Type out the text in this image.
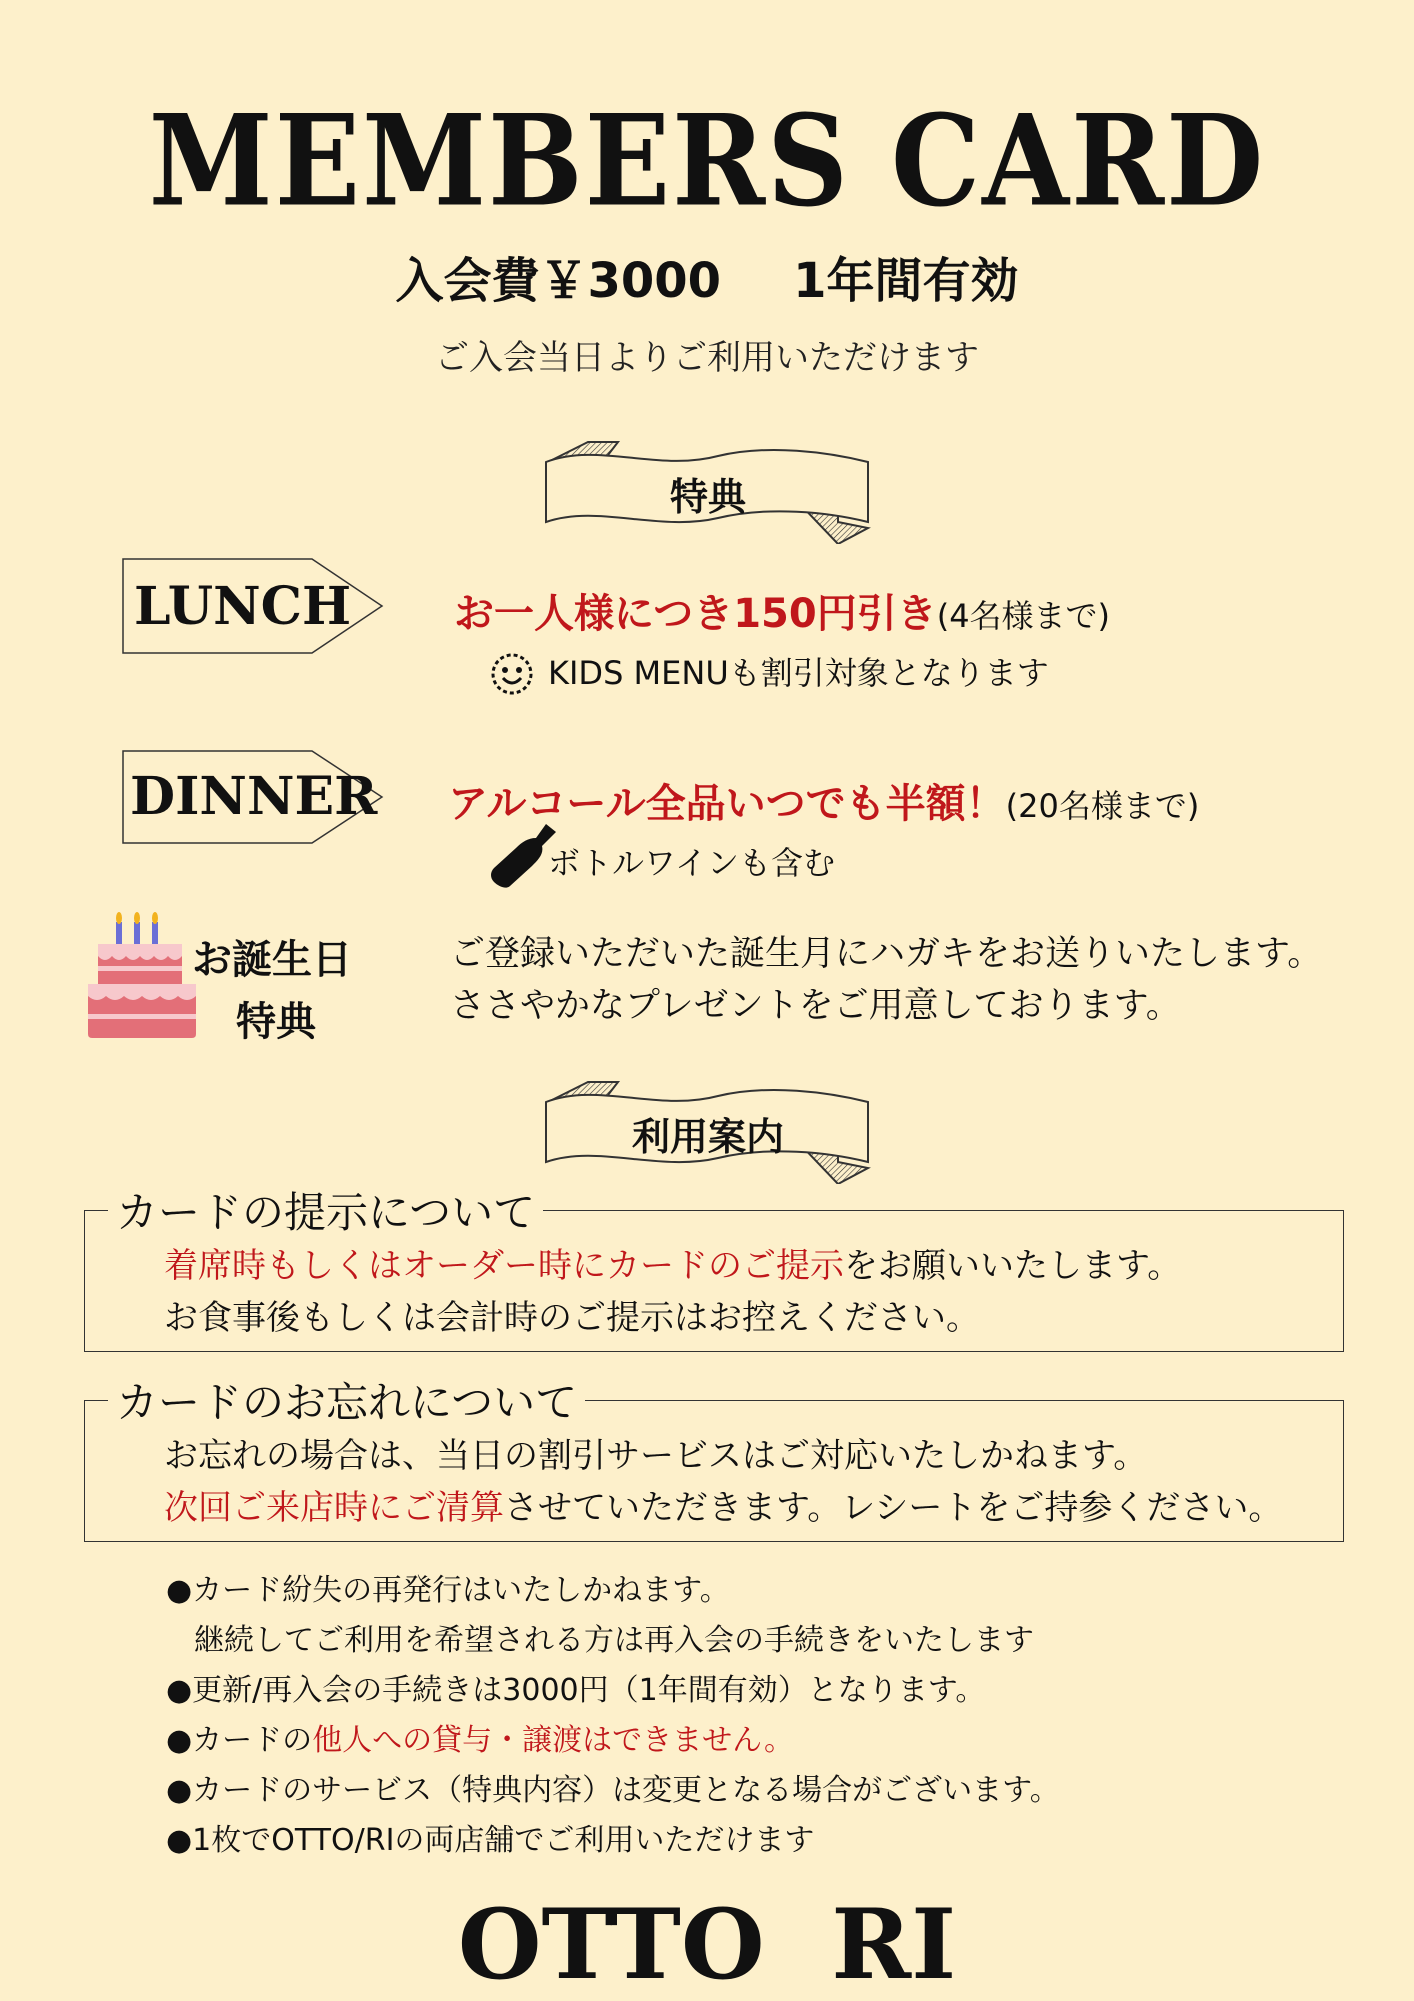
MEMBERS CARD
入会費￥3000 1年間有効
ご入会当日よりご利用いただけます
特典
LUNCH	お一人様につき150円引き(4名様まで)
KIDS MENUも割引対象となります
DINNER アルコール全品いつでも半額！(20名様まで)
ボトルワインも含む
お誕生日
特典
ご登録いただいた誕生月にハガキをお送りいたします。
ささやかなプレゼントをご用意しております。
利用案内
カードの提示について
着席時もしくはオーダー時にカードのご提示をお願いいたします。
お食事後もしくは会計時のご提示はお控えください。
カードのお忘れについて
お忘れの場合は、当日の割引サービスはご対応いたしかねます。
次回ご来店時にご清算させていただきます。レシートをご持参ください。
●カード紛失の再発行はいたしかねます。
継続してご利用を希望される方は再入会の手続きをいたします
●更新/再入会の手続きは3000円（1年間有効）となります。
●カードの他人への貸与・譲渡はできません。
●カードのサービス（特典内容）は変更となる場合がございます。
●1枚でOTTO/RIの両店舗でご利用いただけます
OTTO  RI
